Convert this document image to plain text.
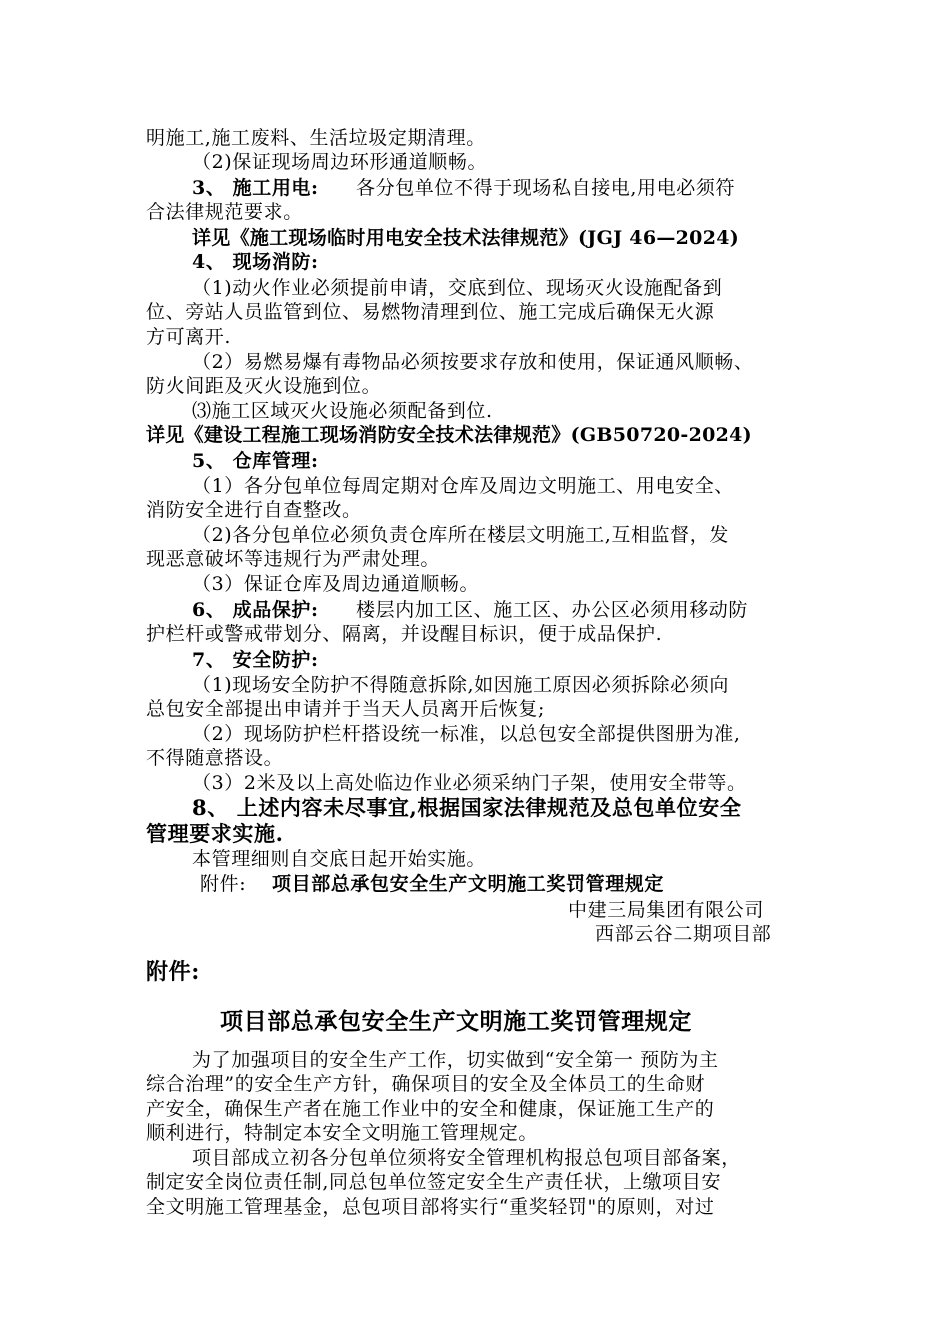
明施工,施工废料、生活垃圾定期清理。
（2)保证现场周边环形通道顺畅。
3、 施工用电: 各分包单位不得于现场私自接电,用电必须符
合法律规范要求。
详见《施工现场临时用电安全技术法律规范》(JGJ 46—2024)
4、 现场消防:
（1)动火作业必须提前申请，交底到位、现场灭火设施配备到
位、旁站人员监管到位、易燃物清理到位、施工完成后确保无火源
方可离开.
（2）易燃易爆有毒物品必须按要求存放和使用，保证通风顺畅、
防火间距及灭火设施到位。
⑶施工区域灭火设施必须配备到位.
详见《建设工程施工现场消防安全技术法律规范》(GB50720-2024)
5、 仓库管理:
（1）各分包单位每周定期对仓库及周边文明施工、用电安全、
消防安全进行自查整改。
（2)各分包单位必须负责仓库所在楼层文明施工,互相监督，发
现恶意破坏等违规行为严肃处理。
（3）保证仓库及周边通道顺畅。
6、 成品保护: 楼层内加工区、施工区、办公区必须用移动防
护栏杆或警戒带划分、隔离，并设醒目标识，便于成品保护.
7、 安全防护:
（1)现场安全防护不得随意拆除,如因施工原因必须拆除必须向
总包安全部提出申请并于当天人员离开后恢复;
（2）现场防护栏杆搭设统一标准，以总包安全部提供图册为准,
不得随意搭设。
（3）2米及以上高处临边作业必须采纳门子架，使用安全带等。
8、 上述内容未尽事宜,根据国家法律规范及总包单位安全
管理要求实施.
本管理细则自交底日起开始实施。
附件: 项目部总承包安全生产文明施工奖罚管理规定
中建三局集团有限公司
西部云谷二期项目部
附件:
项目部总承包安全生产文明施工奖罚管理规定
为了加强项目的安全生产工作，切实做到“安全第一 预防为主
综合治理”的安全生产方针，确保项目的安全及全体员工的生命财
产安全，确保生产者在施工作业中的安全和健康，保证施工生产的
顺利进行，特制定本安全文明施工管理规定。
项目部成立初各分包单位须将安全管理机构报总包项目部备案，
制定安全岗位责任制,同总包单位签定安全生产责任状，上缴项目安
全文明施工管理基金，总包项目部将实行“重奖轻罚"的原则，对过
